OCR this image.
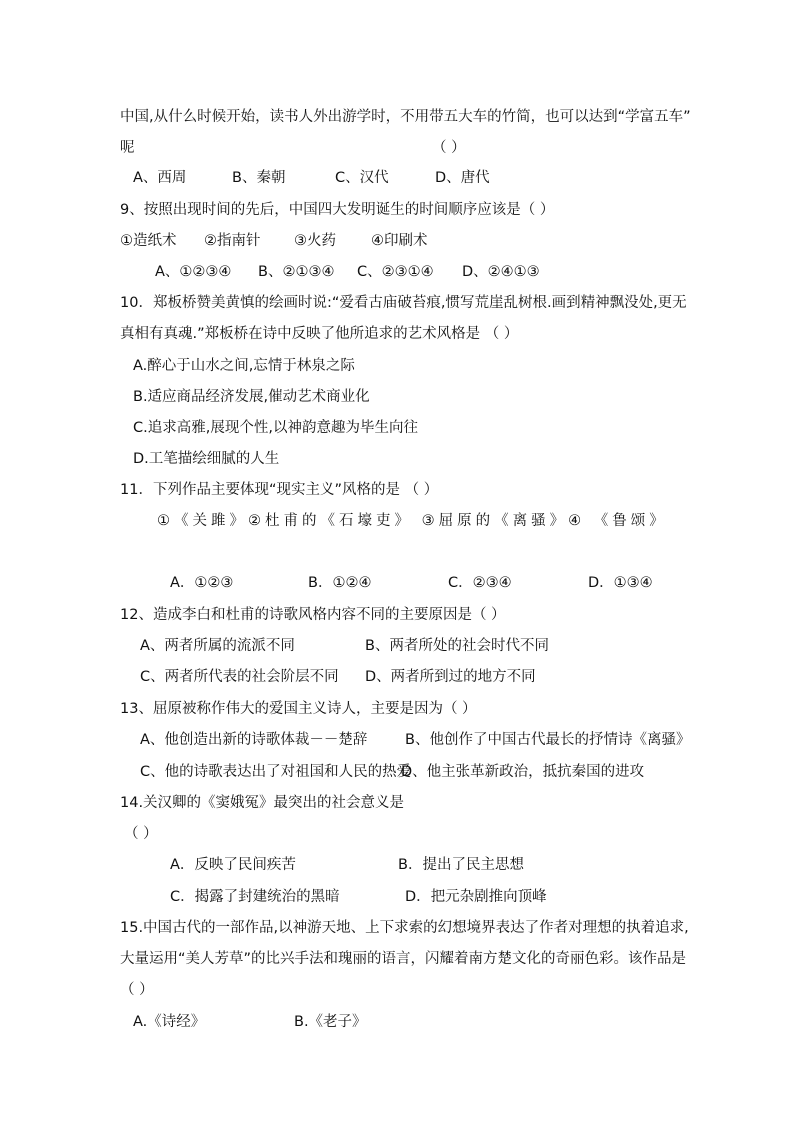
中国,从什么时候开始，读书人外出游学时，不用带五大车的竹简，也可以达到“学富五车”
呢	（ ）
A、西周	B、秦朝	C、汉代	D、唐代
9、按照出现时间的先后，中国四大发明诞生的时间顺序应该是（ ）
①造纸术 ②指南针 ③火药 ④印刷术
A、①②③④ B、②①③④ C、②③①④ D、②④①③
10．郑板桥赞美黄慎的绘画时说:“爱看古庙破苔痕,惯写荒崖乱树根.画到精神飘没处,更无
真相有真魂.”郑板桥在诗中反映了他所追求的艺术风格是 （ ）
A.醉心于山水之间,忘情于林泉之际
B.适应商品经济发展,催动艺术商业化
C.追求高雅,展现个性,以神韵意趣为毕生向往
D.工笔描绘细腻的人生
11．下列作品主要体现“现实主义”风格的是 （ ）
①《关雎》②杜甫的《石壕吏》 ③屈原的《离骚》④ 《鲁颂》
A．①②③	B．①②④	C．②③④	D．①③④
12、造成李白和杜甫的诗歌风格内容不同的主要原因是（ ）
A、两者所属的流派不同	B、两者所处的社会时代不同
C、两者所代表的社会阶层不同 D、两者所到过的地方不同
13、屈原被称作伟大的爱国主义诗人，主要是因为（ ）
A、他创造出新的诗歌体裁－－楚辞	B、他创作了中国古代最长的抒情诗《离骚》
C、他的诗歌表达出了对祖国和人民的热爱
D、他主张革新政治，抵抗秦国的进攻
14.关汉卿的《窦娥冤》最突出的社会意义是
（ ）
A．反映了民间疾苦	B．提出了民主思想
C．揭露了封建统治的黑暗	D．把元杂剧推向顶峰
15.中国古代的一部作品,以神游天地、上下求索的幻想境界表达了作者对理想的执着追求,
大量运用“美人芳草”的比兴手法和瑰丽的语言，闪耀着南方楚文化的奇丽色彩。该作品是
（ ）
A.《诗经》	B.《老子》
